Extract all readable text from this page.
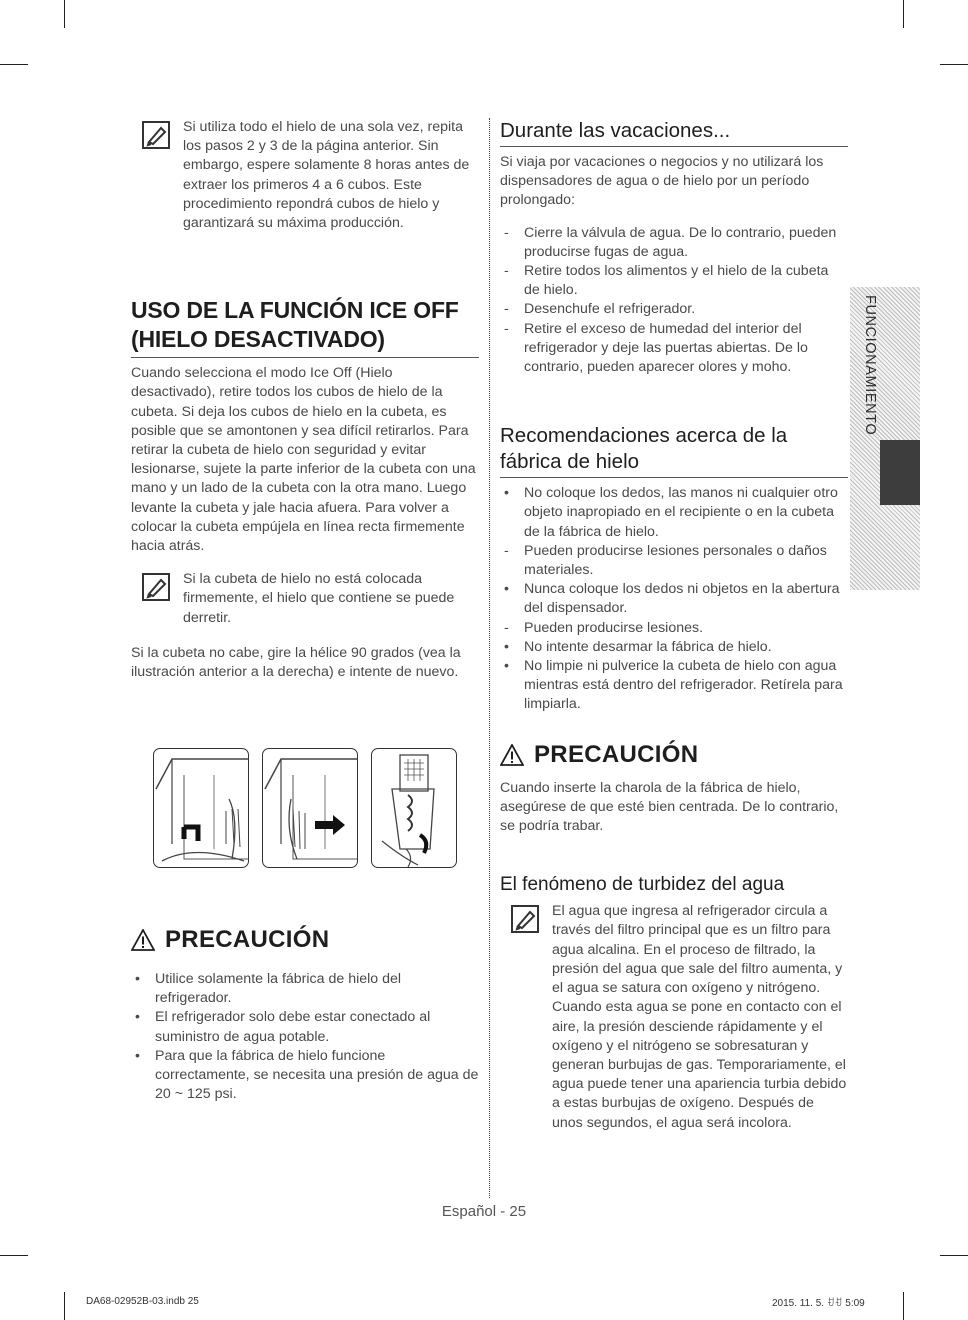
Si utiliza todo el hielo de una sola vez, repita los pasos 2 y 3 de la página anterior. Sin embargo, espere solamente 8 horas antes de extraer los primeros 4 a 6 cubos. Este procedimiento repondrá cubos de hielo y garantizará su máxima producción.

USO DE LA FUNCIÓN ICE OFF
(HIELO DESACTIVADO)

Cuando selecciona el modo Ice Off (Hielo desactivado), retire todos los cubos de hielo de la cubeta. Si deja los cubos de hielo en la cubeta, es posible que se amontonen y sea difícil retirarlos. Para retirar la cubeta de hielo con seguridad y evitar lesionarse, sujete la parte inferior de la cubeta con una mano y un lado de la cubeta con la otra mano. Luego levante la cubeta y jale hacia afuera. Para volver a colocar la cubeta empújela en línea recta firmemente hacia atrás.

Si la cubeta de hielo no está colocada firmemente, el hielo que contiene se puede derretir.

Si la cubeta no cabe, gire la hélice 90 grados (vea la ilustración anterior a la derecha) e intente de nuevo.

PRECAUCIÓN
• Utilice solamente la fábrica de hielo del refrigerador.
• El refrigerador solo debe estar conectado al suministro de agua potable.
• Para que la fábrica de hielo funcione correctamente, se necesita una presión de agua de 20 ~ 125 psi.
Durante las vacaciones...

Si viaja por vacaciones o negocios y no utilizará los dispensadores de agua o de hielo por un período prolongado:

- Cierre la válvula de agua. De lo contrario, pueden producirse fugas de agua.
- Retire todos los alimentos y el hielo de la cubeta de hielo.
- Desenchufe el refrigerador.
- Retire el exceso de humedad del interior del refrigerador y deje las puertas abiertas. De lo contrario, pueden aparecer olores y moho.
Recomendaciones acerca de la
fábrica de hielo
• No coloque los dedos, las manos ni cualquier otro objeto inapropiado en el recipiente o en la cubeta de la fábrica de hielo.
- Pueden producirse lesiones personales o daños materiales.
• Nunca coloque los dedos ni objetos en la abertura del dispensador.
- Pueden producirse lesiones.
• No intente desarmar la fábrica de hielo.
• No limpie ni pulverice la cubeta de hielo con agua mientras está dentro del refrigerador. Retírela para limpiarla.
PRECAUCIÓN

Cuando inserte la charola de la fábrica de hielo, asegúrese de que esté bien centrada. De lo contrario, se podría trabar.

El fenómeno de turbidez del agua

El agua que ingresa al refrigerador circula a través del filtro principal que es un filtro para agua alcalina. En el proceso de filtrado, la presión del agua que sale del filtro aumenta, y el agua se satura con oxígeno y nitrógeno. Cuando esta agua se pone en contacto con el aire, la presión desciende rápidamente y el oxígeno y el nitrógeno se sobresaturan y generan burbujas de gas. Temporariamente, el agua puede tener una apariencia turbia debido a estas burbujas de oxígeno. Después de unos segundos, el agua será incolora.

FUNCIONAMIENTO
Español - 25
DA68-02952B-03.indb 25	2015. 11. 5. ꀀꀀ 5:09
